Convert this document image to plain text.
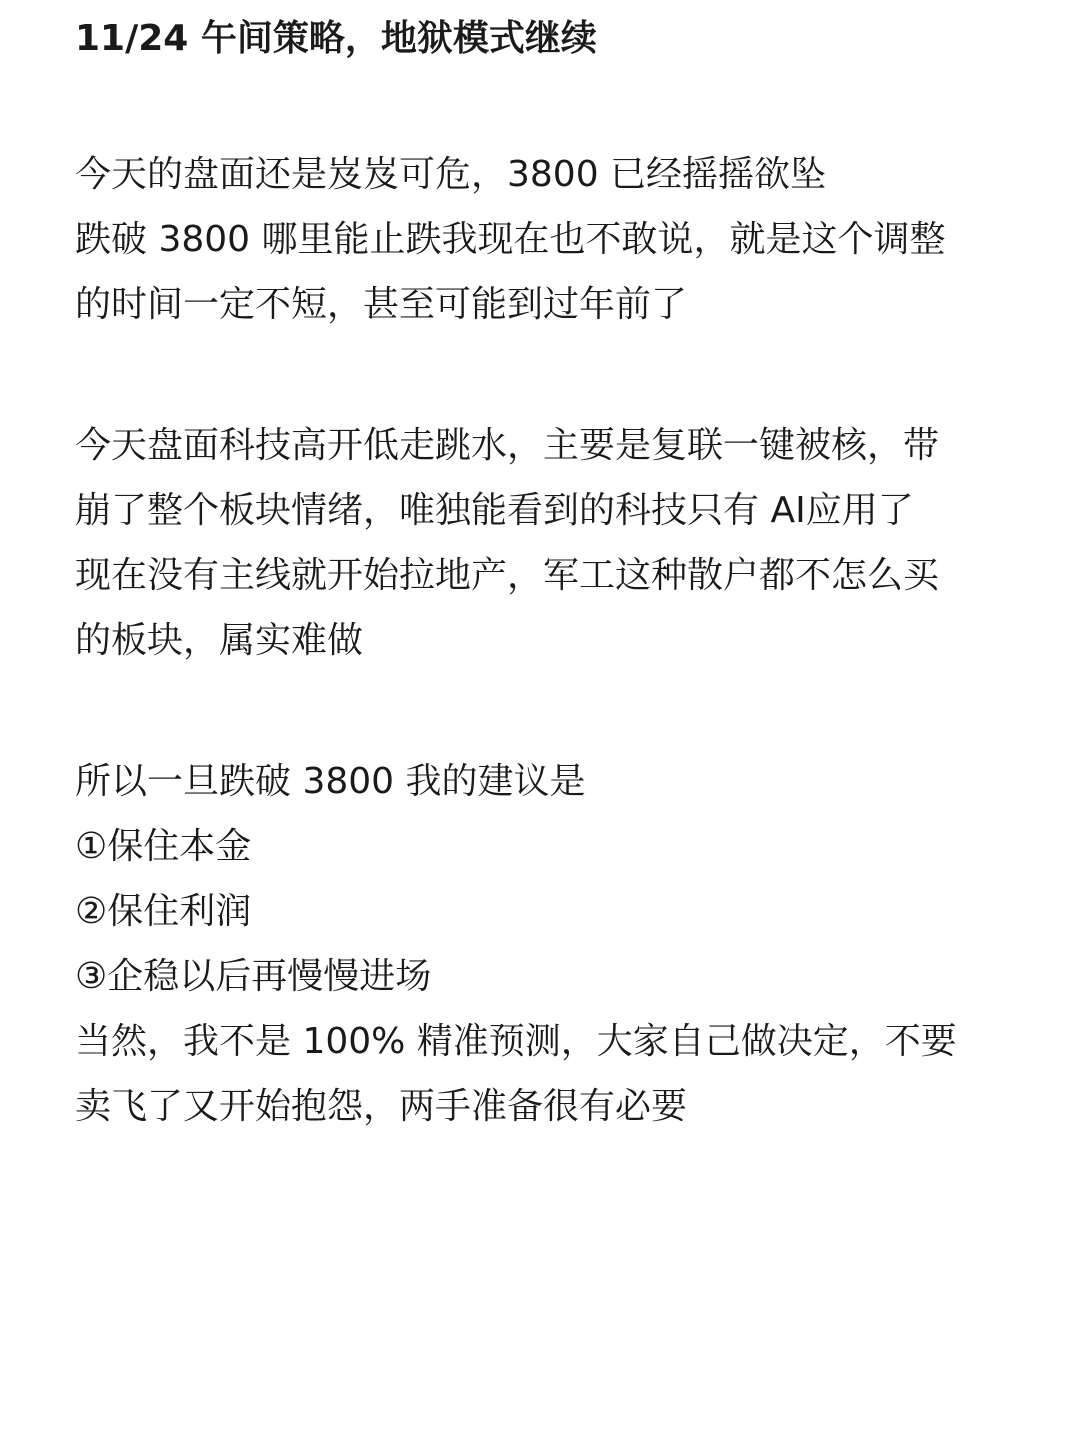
11/24 午间策略，地狱模式继续
今天的盘面还是岌岌可危，3800 已经摇摇欲坠
跌破 3800 哪里能止跌我现在也不敢说，就是这个调整
的时间一定不短，甚至可能到过年前了
今天盘面科技高开低走跳水，主要是复联一键被核，带
崩了整个板块情绪，唯独能看到的科技只有 AI应用了
现在没有主线就开始拉地产，军工这种散户都不怎么买
的板块，属实难做
所以一旦跌破 3800 我的建议是
①保住本金
②保住利润
③企稳以后再慢慢进场
当然，我不是 100% 精准预测，大家自己做决定，不要
卖飞了又开始抱怨，两手准备很有必要
